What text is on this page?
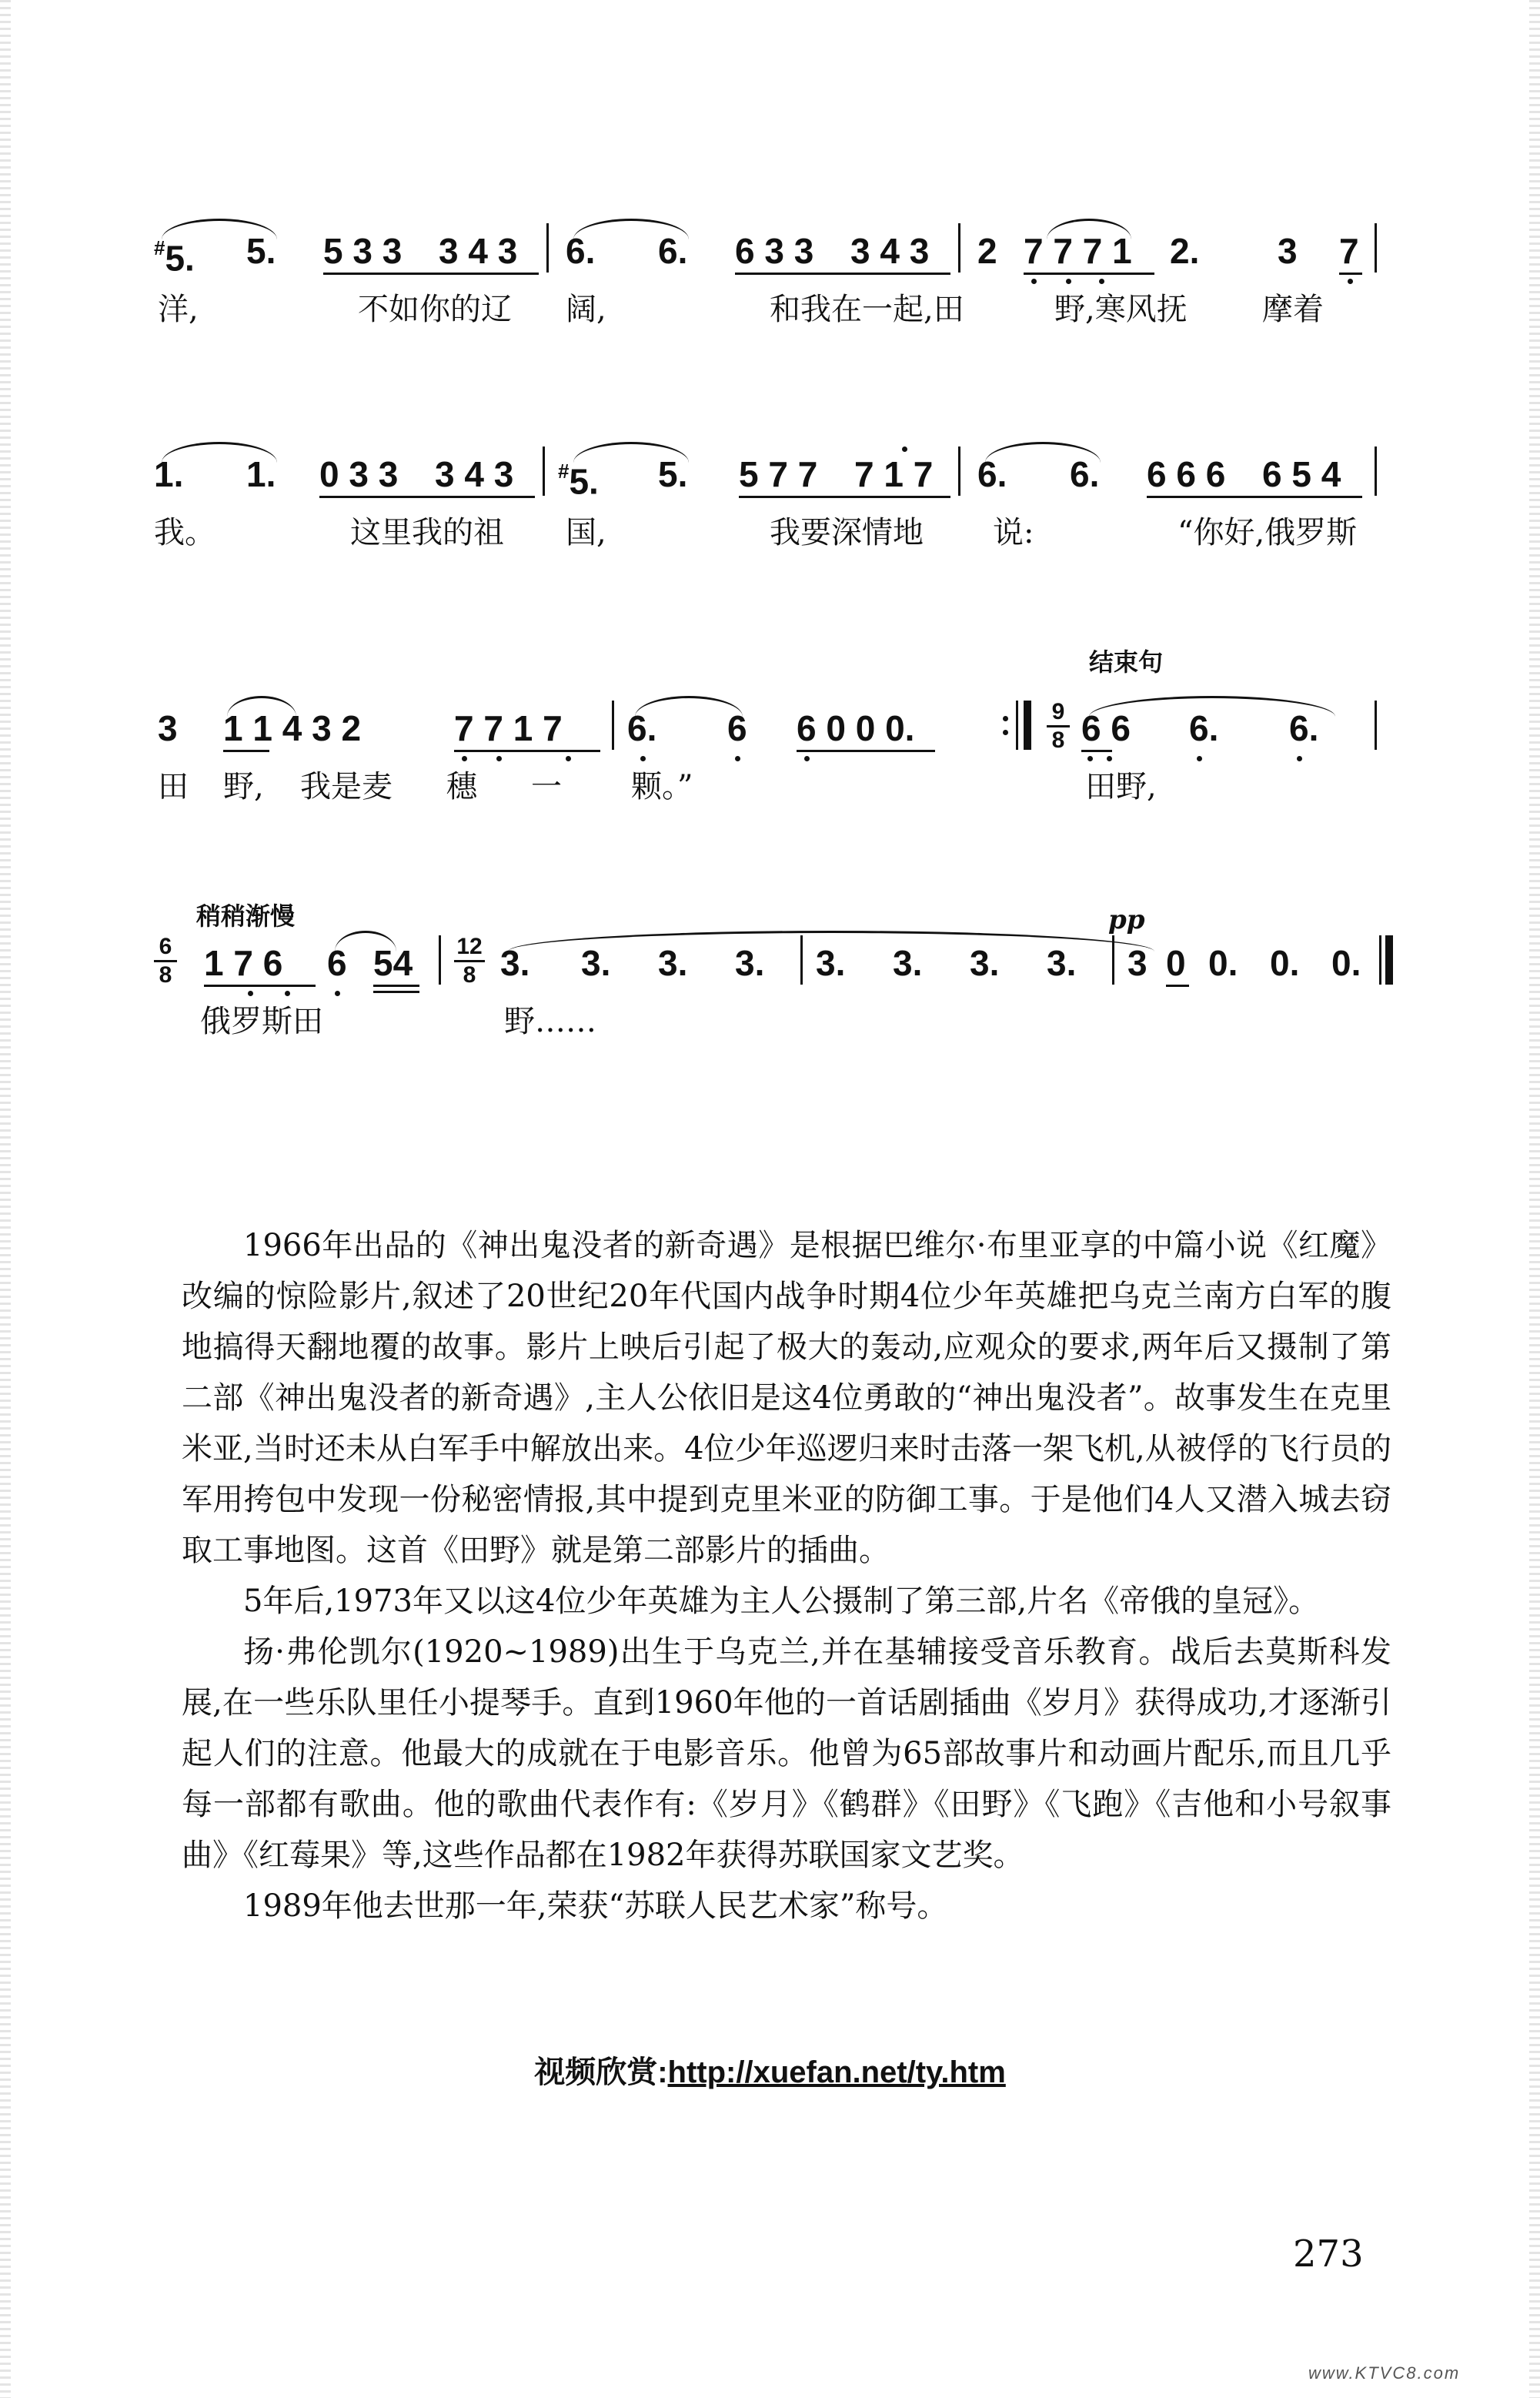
#5. 5. 5 3 3 3 4 3 6. 6. 6 3 3 3 4 3 2 7 7 7 1 2. 3 7
洋,	不如你的辽 阔,	和我在一起,田	野,寒风抚 摩着
1. 1. 0 3 3 3 4 3 #5. 5. 5 7 7 7 1 7 6. 6. 6 6 6 6 5 4
我。	这里我的祖 国,	我要深情地 说:	“你好,俄罗斯
结束句
3 1 1 4 3 2	7 7 1 7 6. 6 6 0 0 0.	9
8 6 6 6. 6.
田 野, 我是麦 穗 一 颗。”	田野,
稍稍渐慢	pp
6
8 1 7 6 6 54 12
8 3. 3. 3. 3. 3. 3. 3. 3. 3 0 0. 0. 0.
俄罗斯田	野……

1966年出品的《神出鬼没者的新奇遇》是根据巴维尔·布里亚享的中篇小说《红魔》改编的惊险影片,叙述了20世纪20年代国内战争时期4位少年英雄把乌克兰南方白军的腹地搞得天翻地覆的故事。影片上映后引起了极大的轰动,应观众的要求,两年后又摄制了第二部《神出鬼没者的新奇遇》,主人公依旧是这4位勇敢的“神出鬼没者”。故事发生在克里米亚,当时还未从白军手中解放出来。4位少年巡逻归来时击落一架飞机,从被俘的飞行员的军用挎包中发现一份秘密情报,其中提到克里米亚的防御工事。于是他们4人又潜入城去窃取工事地图。这首《田野》就是第二部影片的插曲。

5年后,1973年又以这4位少年英雄为主人公摄制了第三部,片名《帝俄的皇冠》。

扬·弗伦凯尔(1920~1989)出生于乌克兰,并在基辅接受音乐教育。战后去莫斯科发展,在一些乐队里任小提琴手。直到1960年他的一首话剧插曲《岁月》获得成功,才逐渐引起人们的注意。他最大的成就在于电影音乐。他曾为65部故事片和动画片配乐,而且几乎每一部都有歌曲。他的歌曲代表作有:《岁月》《鹤群》《田野》《飞跑》《吉他和小号叙事曲》《红莓果》等,这些作品都在1982年获得苏联国家文艺奖。

1989年他去世那一年,荣获“苏联人民艺术家”称号。

视频欣赏:http://xuefan.net/ty.htm
273
www.KTVC8.com
